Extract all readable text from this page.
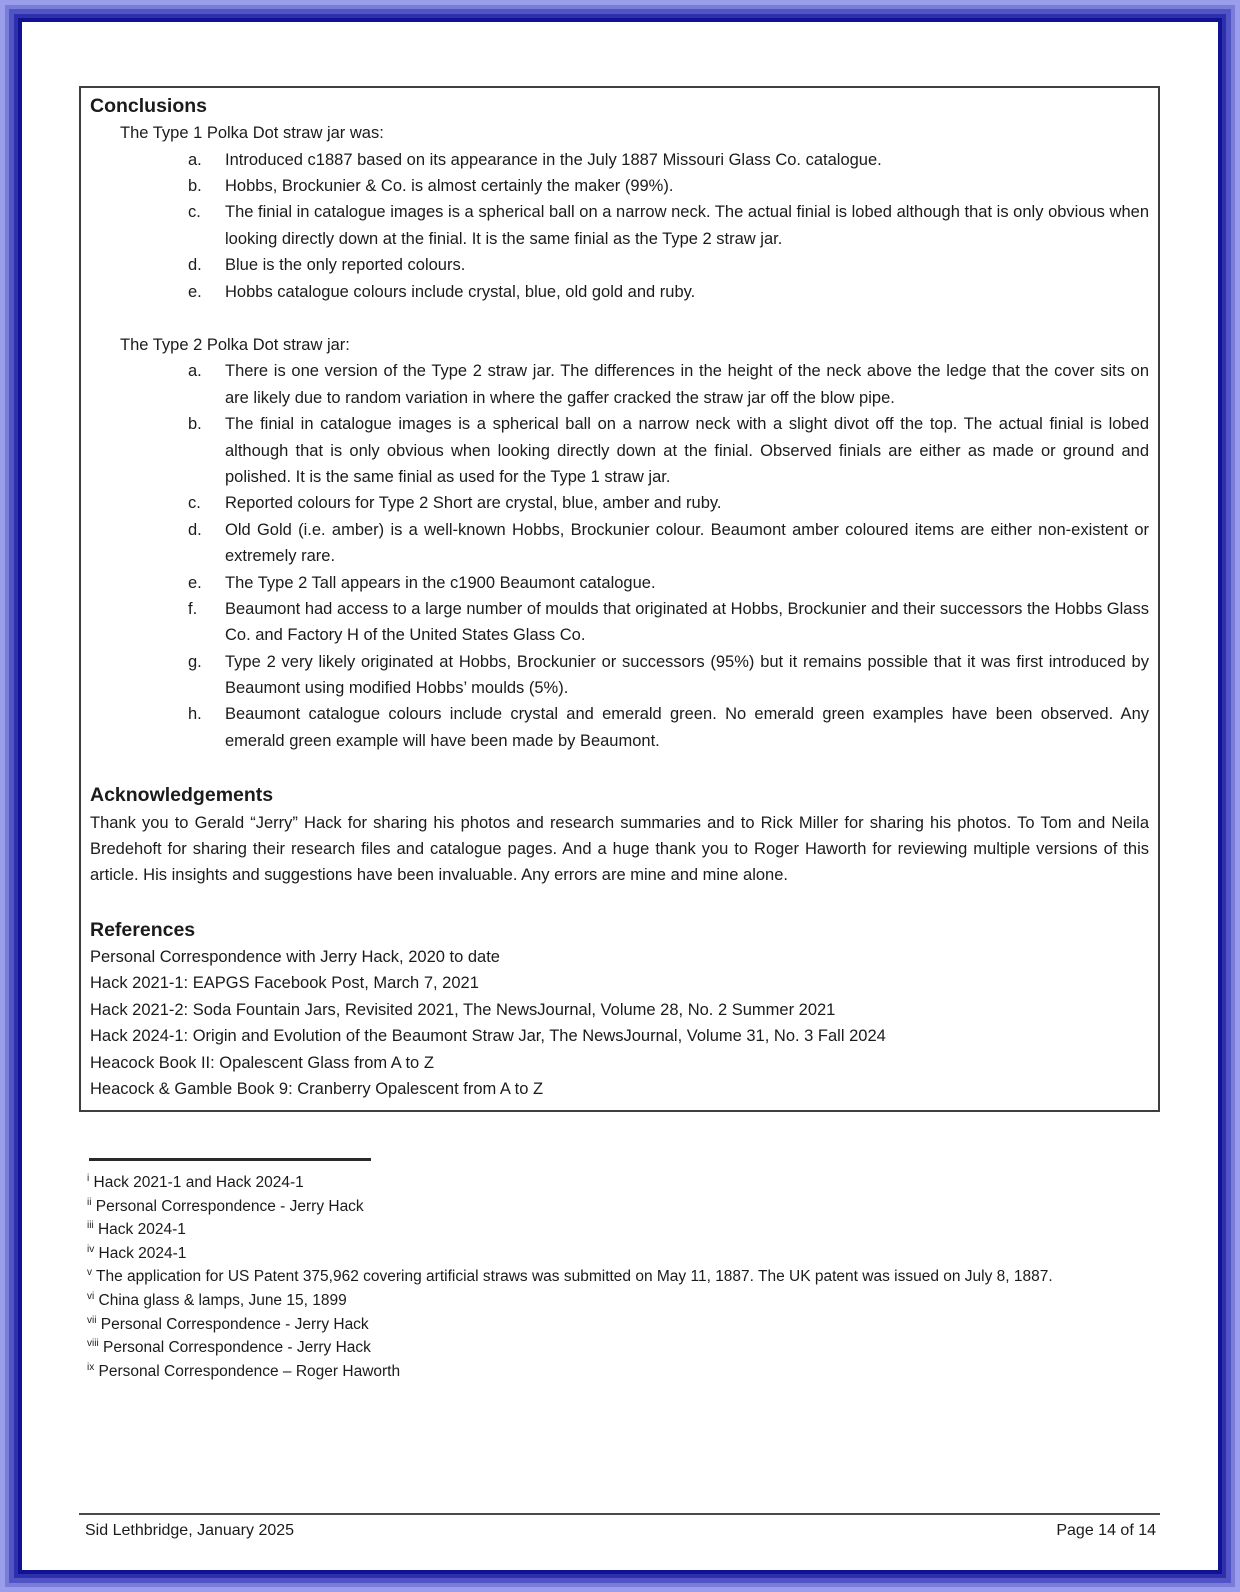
Conclusions
The Type 1 Polka Dot straw jar was:
a.	Introduced c1887 based on its appearance in the July 1887 Missouri Glass Co. catalogue.
b.	Hobbs, Brockunier & Co. is almost certainly the maker (99%).
c.	The finial in catalogue images is a spherical ball on a narrow neck. The actual finial is lobed although that is only obvious when looking directly down at the finial. It is the same finial as the Type 2 straw jar.
d.	Blue is the only reported colours.
e.	Hobbs catalogue colours include crystal, blue, old gold and ruby.
The Type 2 Polka Dot straw jar:
a.	There is one version of the Type 2 straw jar. The differences in the height of the neck above the ledge that the cover sits on are likely due to random variation in where the gaffer cracked the straw jar off the blow pipe.
b.	The finial in catalogue images is a spherical ball on a narrow neck with a slight divot off the top. The actual finial is lobed although that is only obvious when looking directly down at the finial. Observed finials are either as made or ground and polished. It is the same finial as used for the Type 1 straw jar.
c.	Reported colours for Type 2 Short are crystal, blue, amber and ruby.
d.	Old Gold (i.e. amber) is a well-known Hobbs, Brockunier colour. Beaumont amber coloured items are either non-existent or extremely rare.
e.	The Type 2 Tall appears in the c1900 Beaumont catalogue.
f.	Beaumont had access to a large number of moulds that originated at Hobbs, Brockunier and their successors the Hobbs Glass Co. and Factory H of the United States Glass Co.
g.	Type 2 very likely originated at Hobbs, Brockunier or successors (95%) but it remains possible that it was first introduced by Beaumont using modified Hobbs’ moulds (5%).
h.	Beaumont catalogue colours include crystal and emerald green. No emerald green examples have been observed. Any emerald green example will have been made by Beaumont.
Acknowledgements
Thank you to Gerald “Jerry” Hack for sharing his photos and research summaries and to Rick Miller for sharing his photos. To Tom and Neila Bredehoft for sharing their research files and catalogue pages. And a huge thank you to Roger Haworth for reviewing multiple versions of this article. His insights and suggestions have been invaluable. Any errors are mine and mine alone.
References
Personal Correspondence with Jerry Hack, 2020 to date
Hack 2021-1: EAPGS Facebook Post, March 7, 2021
Hack 2021-2: Soda Fountain Jars, Revisited 2021, The NewsJournal, Volume 28, No. 2 Summer 2021
Hack 2024-1: Origin and Evolution of the Beaumont Straw Jar, The NewsJournal, Volume 31, No. 3 Fall 2024
Heacock Book II: Opalescent Glass from A to Z
Heacock & Gamble Book 9: Cranberry Opalescent from A to Z
$^i$ Hack 2021-1 and Hack 2024-1
$^{ii}$ Personal Correspondence - Jerry Hack
$^{iii}$ Hack 2024-1
$^{iv}$ Hack 2024-1
$^v$ The application for US Patent 375,962 covering artificial straws was submitted on May 11, 1887. The UK patent was issued on July 8, 1887.
$^{vi}$ China glass & lamps, June 15, 1899
$^{vii}$ Personal Correspondence - Jerry Hack
$^{viii}$ Personal Correspondence - Jerry Hack
$^{ix}$ Personal Correspondence – Roger Haworth
Sid Lethbridge, January 2025	Page 14 of 14
